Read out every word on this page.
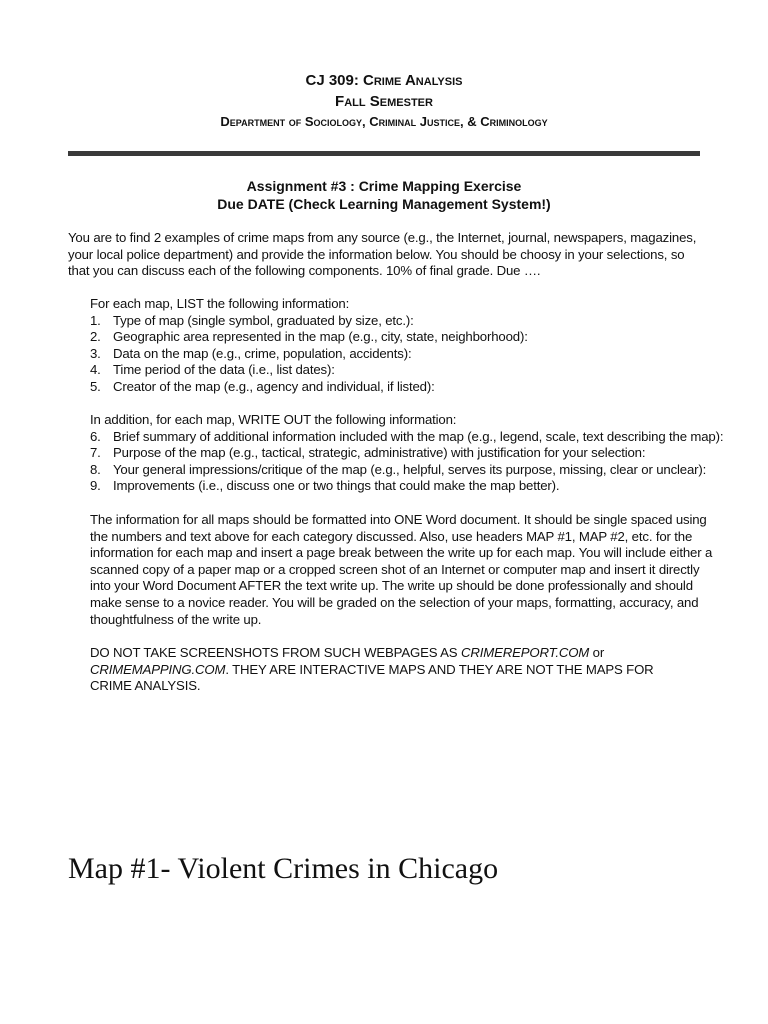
CJ 309: Crime Analysis
Fall Semester
Department of Sociology, Criminal Justice, & Criminology
Assignment #3 : Crime Mapping Exercise
Due DATE (Check Learning Management System!)
You are to find 2 examples of crime maps from any source (e.g., the Internet, journal, newspapers, magazines, your local police department) and provide the information below. You should be choosy in your selections, so that you can discuss each of the following components. 10% of final grade. Due ….

For each map, LIST the following information:

1. Type of map (single symbol, graduated by size, etc.):
2. Geographic area represented in the map (e.g., city, state, neighborhood):
3. Data on the map (e.g., crime, population, accidents):
4. Time period of the data (i.e., list dates):
5. Creator of the map (e.g., agency and individual, if listed):

In addition, for each map, WRITE OUT the following information:

6. Brief summary of additional information included with the map (e.g., legend, scale, text describing the map):
7. Purpose of the map (e.g., tactical, strategic, administrative) with justification for your selection:
8. Your general impressions/critique of the map (e.g., helpful, serves its purpose, missing, clear or unclear):
9. Improvements (i.e., discuss one or two things that could make the map better).
The information for all maps should be formatted into ONE Word document. It should be single spaced using the numbers and text above for each category discussed. Also, use headers MAP #1, MAP #2, etc. for the information for each map and insert a page break between the write up for each map. You will include either a scanned copy of a paper map or a cropped screen shot of an Internet or computer map and insert it directly into your Word Document AFTER the text write up. The write up should be done professionally and should make sense to a novice reader. You will be graded on the selection of your maps, formatting, accuracy, and thoughtfulness of the write up.
DO NOT TAKE SCREENSHOTS FROM SUCH WEBPAGES AS CRIMEREPORT.COM or CRIMEMAPPING.COM. THEY ARE INTERACTIVE MAPS AND THEY ARE NOT THE MAPS FOR CRIME ANALYSIS.
Map #1- Violent Crimes in Chicago
